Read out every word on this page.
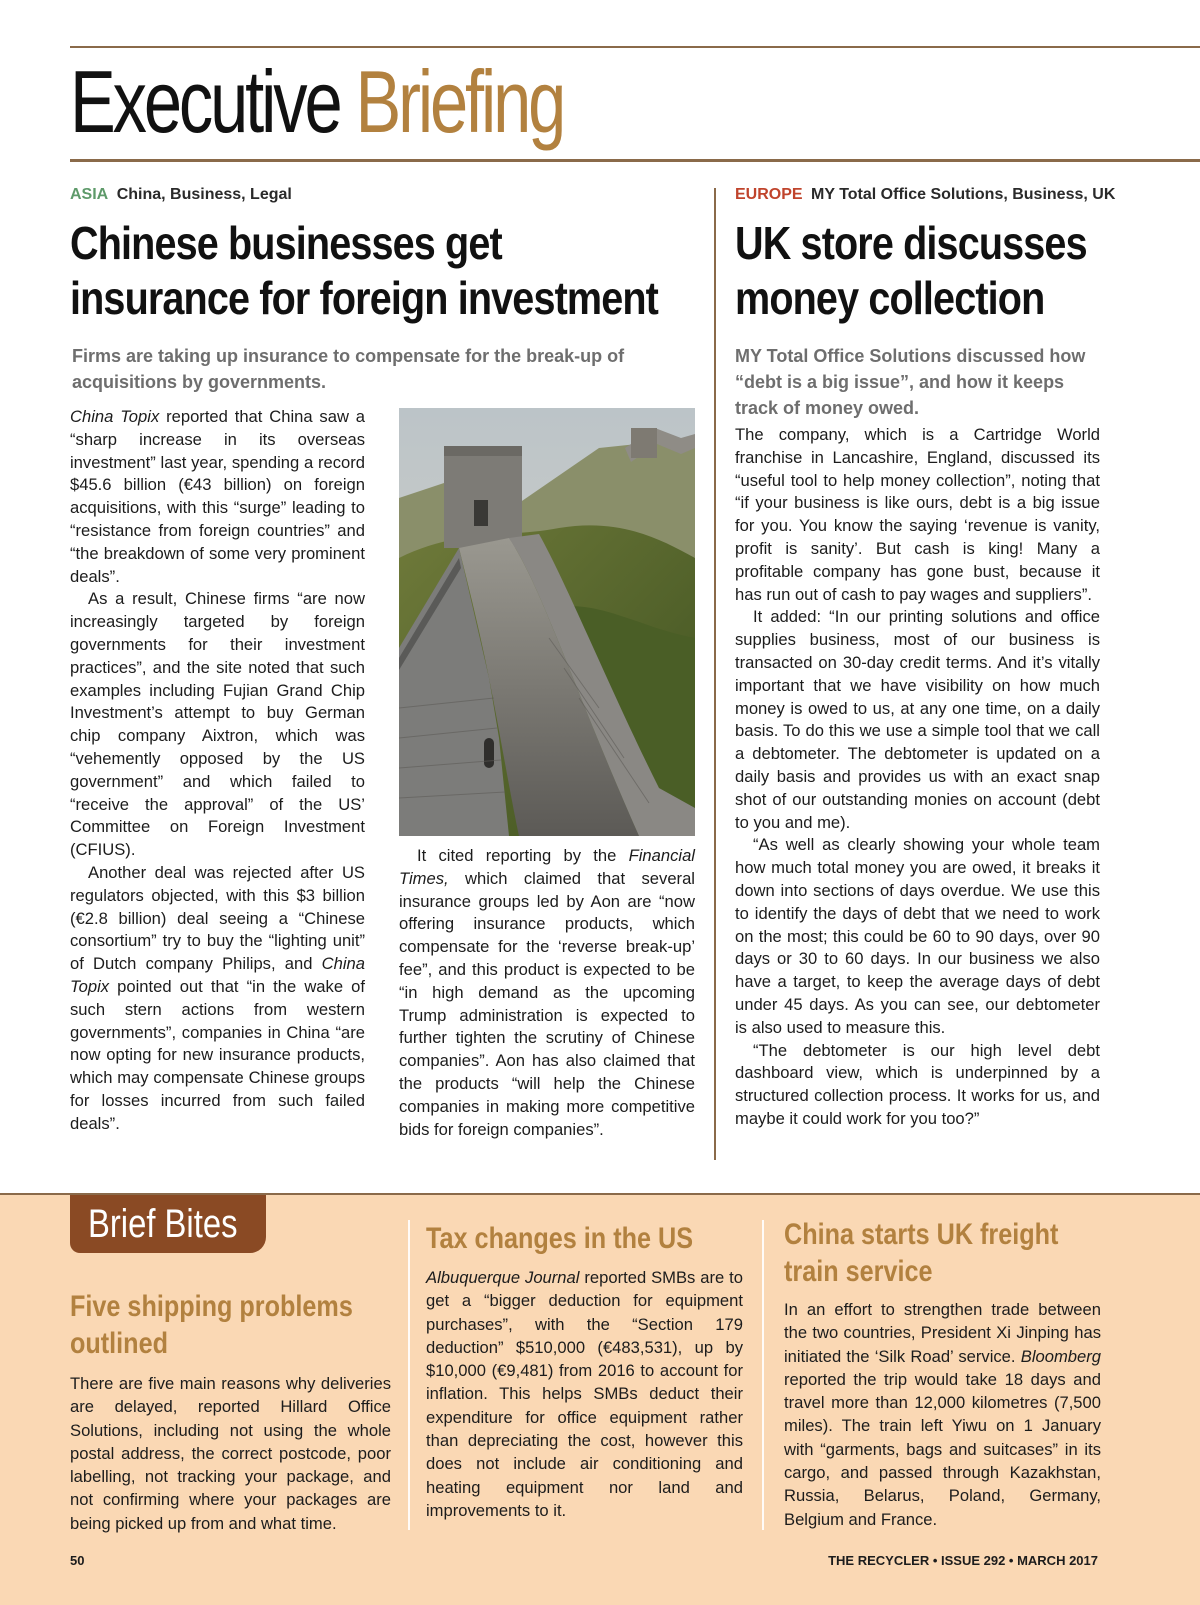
Executive Briefing
ASIA China, Business, Legal
Chinese businesses get insurance for foreign investment
Firms are taking up insurance to compensate for the break-up of acquisitions by governments.

China Topix reported that China saw a “sharp increase in its overseas investment” last year, spending a record $45.6 billion (€43 billion) on foreign acquisitions, with this “surge” leading to “resistance from foreign countries” and “the breakdown of some very prominent deals”.

As a result, Chinese firms “are now increasingly targeted by foreign governments for their investment practices”, and the site noted that such examples including Fujian Grand Chip Investment’s attempt to buy German chip company Aixtron, which was “vehemently opposed by the US government” and which failed to “receive the approval” of the US’ Committee on Foreign Investment (CFIUS).

Another deal was rejected after US regulators objected, with this $3 billion (€2.8 billion) deal seeing a “Chinese consortium” try to buy the “lighting unit” of Dutch company Philips, and China Topix pointed out that “in the wake of such stern actions from western governments”, companies in China “are now opting for new insurance products, which may compensate Chinese groups for losses incurred from such failed deals”.

It cited reporting by the Financial Times, which claimed that several insurance groups led by Aon are “now offering insurance products, which compensate for the ‘reverse break-up’ fee”, and this product is expected to be “in high demand as the upcoming Trump administration is expected to further tighten the scrutiny of Chinese companies”. Aon has also claimed that the products “will help the Chinese companies in making more competitive bids for foreign companies”.

EUROPE MY Total Office Solutions, Business, UK
UK store discusses money collection
MY Total Office Solutions discussed how “debt is a big issue”, and how it keeps track of money owed.

The company, which is a Cartridge World franchise in Lancashire, England, discussed its “useful tool to help money collection”, noting that “if your business is like ours, debt is a big issue for you. You know the saying ‘revenue is vanity, profit is sanity’. But cash is king! Many a profitable company has gone bust, because it has run out of cash to pay wages and suppliers”.

It added: “In our printing solutions and office supplies business, most of our business is transacted on 30-day credit terms. And it’s vitally important that we have visibility on how much money is owed to us, at any one time, on a daily basis. To do this we use a simple tool that we call a debtometer. The debtometer is updated on a daily basis and provides us with an exact snap shot of our outstanding monies on account (debt to you and me).

“As well as clearly showing your whole team how much total money you are owed, it breaks it down into sections of days overdue. We use this to identify the days of debt that we need to work on the most; this could be 60 to 90 days, over 90 days or 30 to 60 days. In our business we also have a target, to keep the average days of debt under 45 days. As you can see, our debtometer is also used to measure this.

“The debtometer is our high level debt dashboard view, which is underpinned by a structured collection process. It works for us, and maybe it could work for you too?”

Brief Bites
Five shipping problems outlined
There are five main reasons why deliveries are delayed, reported Hillard Office Solutions, including not using the whole postal address, the correct postcode, poor labelling, not tracking your package, and not confirming where your packages are being picked up from and what time.
Tax changes in the US
Albuquerque Journal reported SMBs are to get a “bigger deduction for equipment purchases”, with the “Section 179 deduction” $510,000 (€483,531), up by $10,000 (€9,481) from 2016 to account for inflation. This helps SMBs deduct their expenditure for office equipment rather than depreciating the cost, however this does not include air conditioning and heating equipment nor land and improvements to it.
China starts UK freight train service
In an effort to strengthen trade between the two countries, President Xi Jinping has initiated the ‘Silk Road’ service. Bloomberg reported the trip would take 18 days and travel more than 12,000 kilometres (7,500 miles). The train left Yiwu on 1 January with “garments, bags and suitcases” in its cargo, and passed through Kazakhstan, Russia, Belarus, Poland, Germany, Belgium and France.
50	THE RECYCLER • ISSUE 292 • MARCH 2017
